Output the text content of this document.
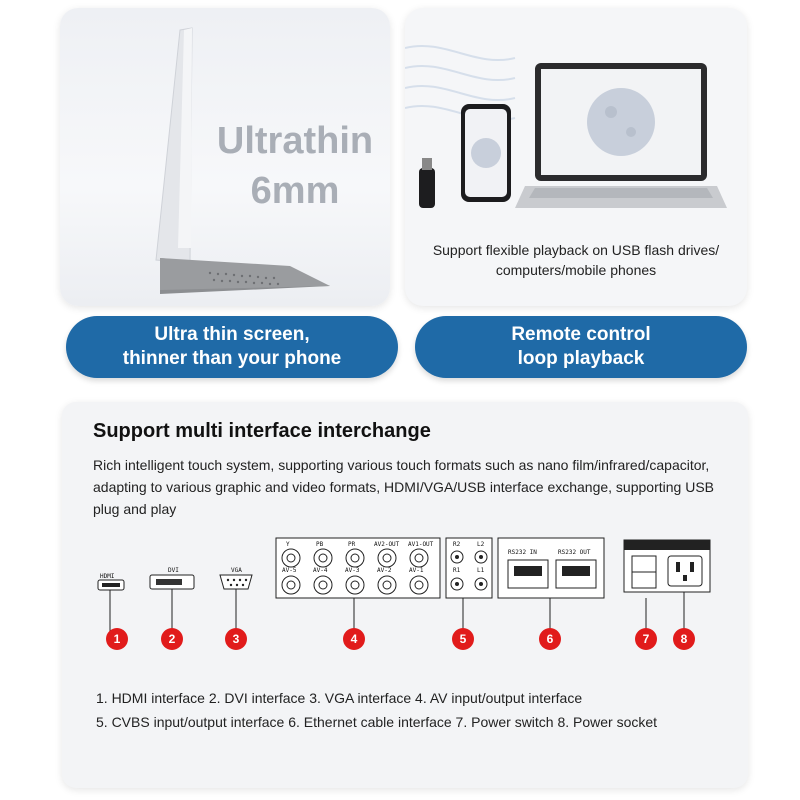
Ultrathin
6mm
Support flexible playback on USB flash drives/
computers/mobile phones
Ultra thin screen,
thinner than your phone
Remote control
loop playback
Support multi interface interchange
Rich intelligent touch system, supporting various touch formats such as nano film/infrared/capacitor, adapting to various graphic and video formats, HDMI/VGA/USB interface exchange, supporting USB plug and play
HDMI
DVI	VGA
Y	PB	PR	AV2-OUT AV1-OUT
AV-5	AV-4	AV-3	AV-2	AV-1
R2	L2
R1	L1
RS232 IN	RS232 OUT
1	2	3	4	5	6	7	8
1. HDMI interface 2. DVI interface 3. VGA interface 4. AV input/output interface
5. CVBS input/output interface 6. Ethernet cable interface 7. Power switch 8. Power socket
